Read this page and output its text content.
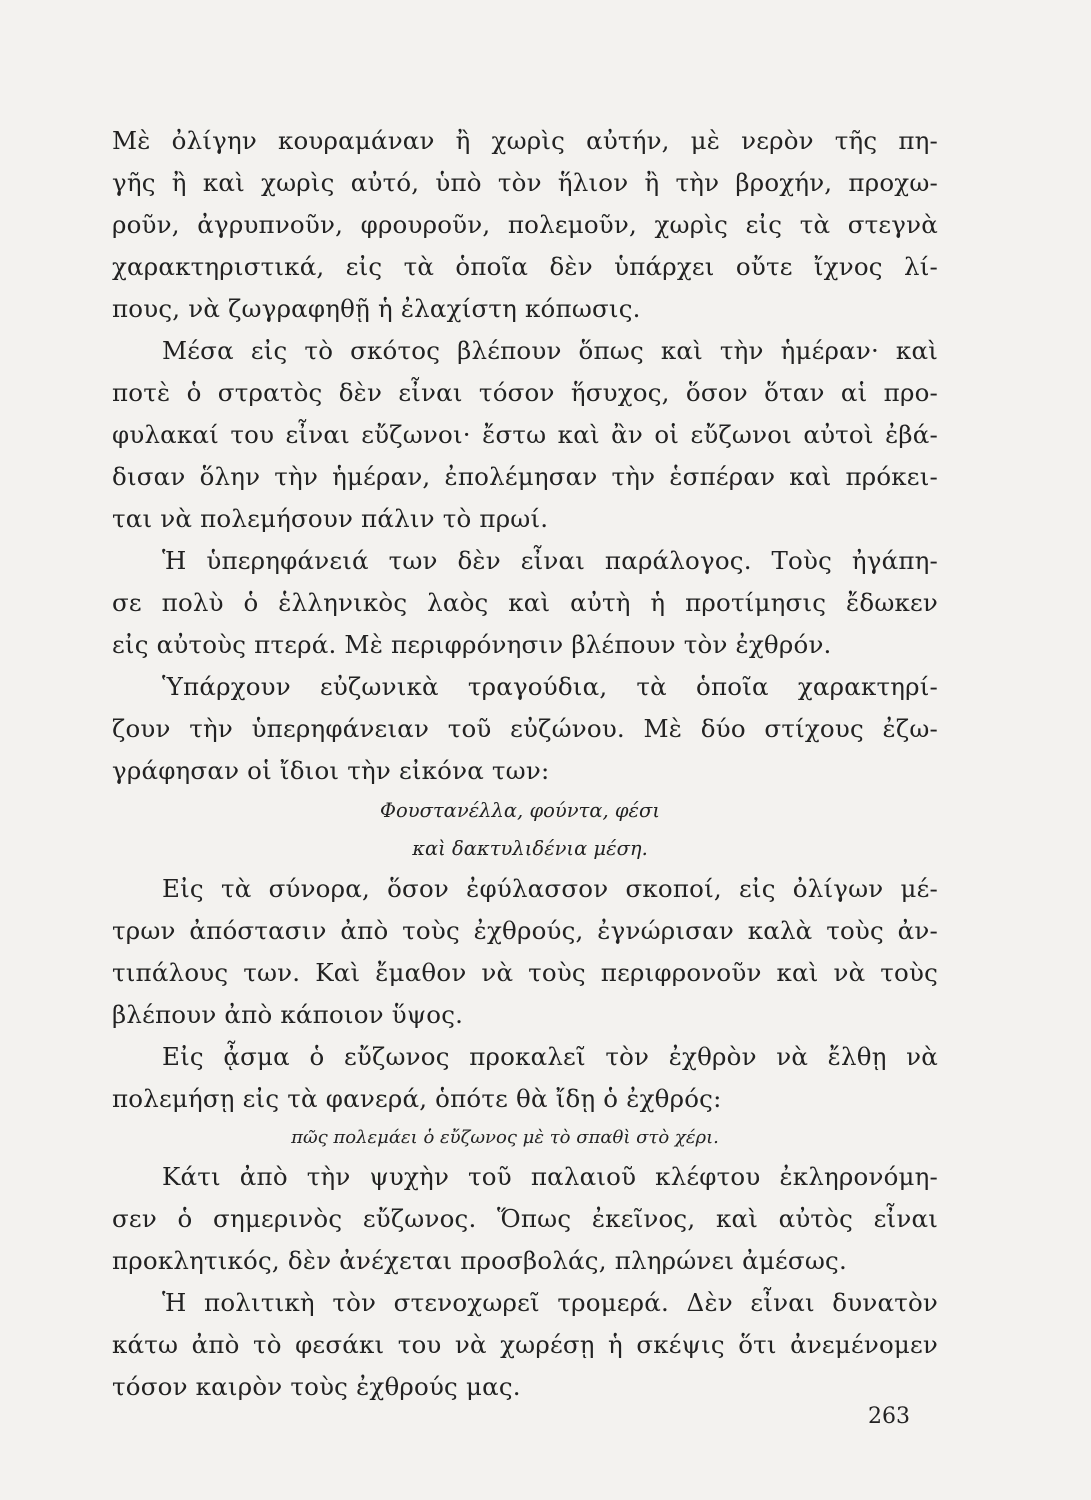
Μὲ ὀλίγην κουραμάναν ἢ χωρὶς αὐτήν, μὲ νερὸν τῆς πη-
γῆς ἢ καὶ χωρὶς αὐτό, ὑπὸ τὸν ἥλιον ἢ τὴν βροχήν, προχω-
ροῦν, ἀγρυπνοῦν, φρουροῦν, πολεμοῦν, χωρὶς εἰς τὰ στεγνὰ
χαρακτηριστικά, εἰς τὰ ὁποῖα δὲν ὑπάρχει οὔτε ἴχνος λί-
πους, νὰ ζωγραφηθῇ ἡ ἐλαχίστη κόπωσις.
Μέσα εἰς τὸ σκότος βλέπουν ὅπως καὶ τὴν ἡμέραν· καὶ
ποτὲ ὁ στρατὸς δὲν εἶναι τόσον ἥσυχος, ὅσον ὅταν αἱ προ-
φυλακαί του εἶναι εὔζωνοι· ἔστω καὶ ἂν οἱ εὔζωνοι αὐτοὶ ἐβά-
δισαν ὅλην τὴν ἡμέραν, ἐπολέμησαν τὴν ἑσπέραν καὶ πρόκει-
ται νὰ πολεμήσουν πάλιν τὸ πρωί.
Ἡ ὑπερηφάνειά των δὲν εἶναι παράλογος. Τοὺς ἠγάπη-
σε πολὺ ὁ ἑλληνικὸς λαὸς καὶ αὐτὴ ἡ προτίμησις ἔδωκεν
εἰς αὐτοὺς πτερά. Μὲ περιφρόνησιν βλέπουν τὸν ἐχθρόν.
Ὑπάρχουν εὐζωνικὰ τραγούδια, τὰ ὁποῖα χαρακτηρί-
ζουν τὴν ὑπερηφάνειαν τοῦ εὐζώνου. Μὲ δύο στίχους ἐζω-
γράφησαν οἱ ἴδιοι τὴν εἰκόνα των:
Φουστανέλλα, φούντα, φέσι
καὶ δακτυλιδένια μέση.
Εἰς τὰ σύνορα, ὅσον ἐφύλασσον σκοποί, εἰς ὀλίγων μέ-
τρων ἀπόστασιν ἀπὸ τοὺς ἐχθρούς, ἐγνώρισαν καλὰ τοὺς ἀν-
τιπάλους των. Καὶ ἔμαθον νὰ τοὺς περιφρονοῦν καὶ νὰ τοὺς
βλέπουν ἀπὸ κάποιον ὕψος.
Εἰς ᾆσμα ὁ εὔζωνος προκαλεῖ τὸν ἐχθρὸν νὰ ἔλθῃ νὰ
πολεμήσῃ εἰς τὰ φανερά, ὁπότε θὰ ἴδῃ ὁ ἐχθρός:
πῶς πολεμάει ὁ εὔζωνος μὲ τὸ σπαθὶ στὸ χέρι.
Κάτι ἀπὸ τὴν ψυχὴν τοῦ παλαιοῦ κλέφτου ἐκληρονόμη-
σεν ὁ σημερινὸς εὔζωνος. Ὅπως ἐκεῖνος, καὶ αὐτὸς εἶναι
προκλητικός, δὲν ἀνέχεται προσβολάς, πληρώνει ἀμέσως.
Ἡ πολιτικὴ τὸν στενοχωρεῖ τρομερά. Δὲν εἶναι δυνατὸν
κάτω ἀπὸ τὸ φεσάκι του νὰ χωρέσῃ ἡ σκέψις ὅτι ἀνεμένομεν
τόσον καιρὸν τοὺς ἐχθρούς μας.
263
